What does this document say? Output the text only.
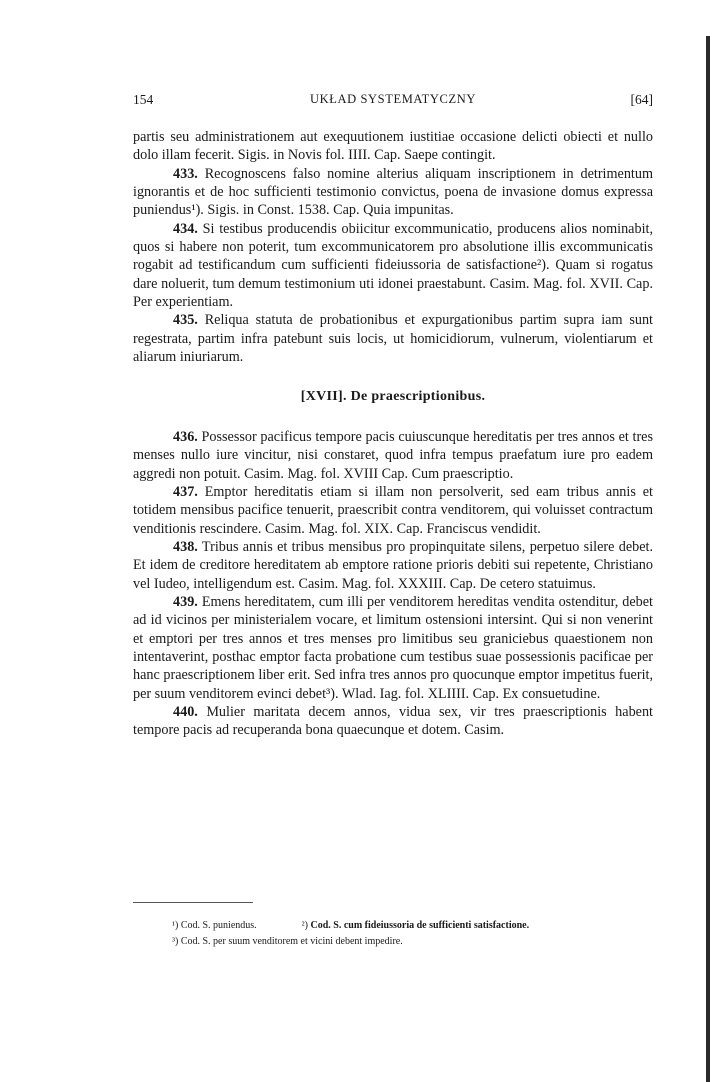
154	UKŁAD SYSTEMATYCZNY	[64]

partis seu administrationem aut exequutionem iustitiae occasione delicti obiecti et nullo dolo illam fecerit. Sigis. in Novis fol. IIII. Cap. Saepe contingit.

433. Recognoscens falso nomine alterius aliquam inscriptionem in detrimentum ignorantis et de hoc sufficienti testimonio convictus, poena de invasione domus expressa puniendus¹). Sigis. in Const. 1538. Cap. Quia impunitas.

434. Si testibus producendis obiicitur excommunicatio, producens alios nominabit, quos si habere non poterit, tum excommunicatorem pro absolutione illis excommunicatis rogabit ad testificandum cum sufficienti fideiussoria de satisfactione²). Quam si rogatus dare noluerit, tum demum testimonium uti idonei praestabunt. Casim. Mag. fol. XVII. Cap. Per experientiam.

435. Reliqua statuta de probationibus et expurgationibus partim supra iam sunt regestrata, partim infra patebunt suis locis, ut homicidiorum, vulnerum, violentiarum et aliarum iniuriarum.

[XVII]. De praescriptionibus.

436. Possessor pacificus tempore pacis cuiuscunque hereditatis per tres annos et tres menses nullo iure vincitur, nisi constaret, quod infra tempus praefatum iure pro eadem aggredi non potuit. Casim. Mag. fol. XVIII Cap. Cum praescriptio.

437. Emptor hereditatis etiam si illam non persolverit, sed eam tribus annis et totidem mensibus pacifice tenuerit, praescribit contra venditorem, qui voluisset contractum venditionis rescindere. Casim. Mag. fol. XIX. Cap. Franciscus vendidit.

438. Tribus annis et tribus mensibus pro propinquitate silens, perpetuo silere debet. Et idem de creditore hereditatem ab emptore ratione prioris debiti sui repetente, Christiano vel Iudeo, intelligendum est. Casim. Mag. fol. XXXIII. Cap. De cetero statuimus.

439. Emens hereditatem, cum illi per venditorem hereditas vendita ostenditur, debet ad id vicinos per ministerialem vocare, et limitum ostensioni intersint. Qui si non venerint et emptori per tres annos et tres menses pro limitibus seu graniciebus quaestionem non intentaverint, posthac emptor facta probatione cum testibus suae possessionis pacificae per hanc praescriptionem liber erit. Sed infra tres annos pro quocunque emptor impetitus fuerit, per suum venditorem evinci debet³). Wlad. Iag. fol. XLIIII. Cap. Ex consuetudine.

440. Mulier maritata decem annos, vidua sex, vir tres praescriptionis habent tempore pacis ad recuperanda bona quaecunque et dotem. Casim.

¹) Cod. S. puniendus.	²) Cod. S. cum fideiussoria de sufficienti satisfactione.
³) Cod. S. per suum venditorem et vicini debent impedire.
